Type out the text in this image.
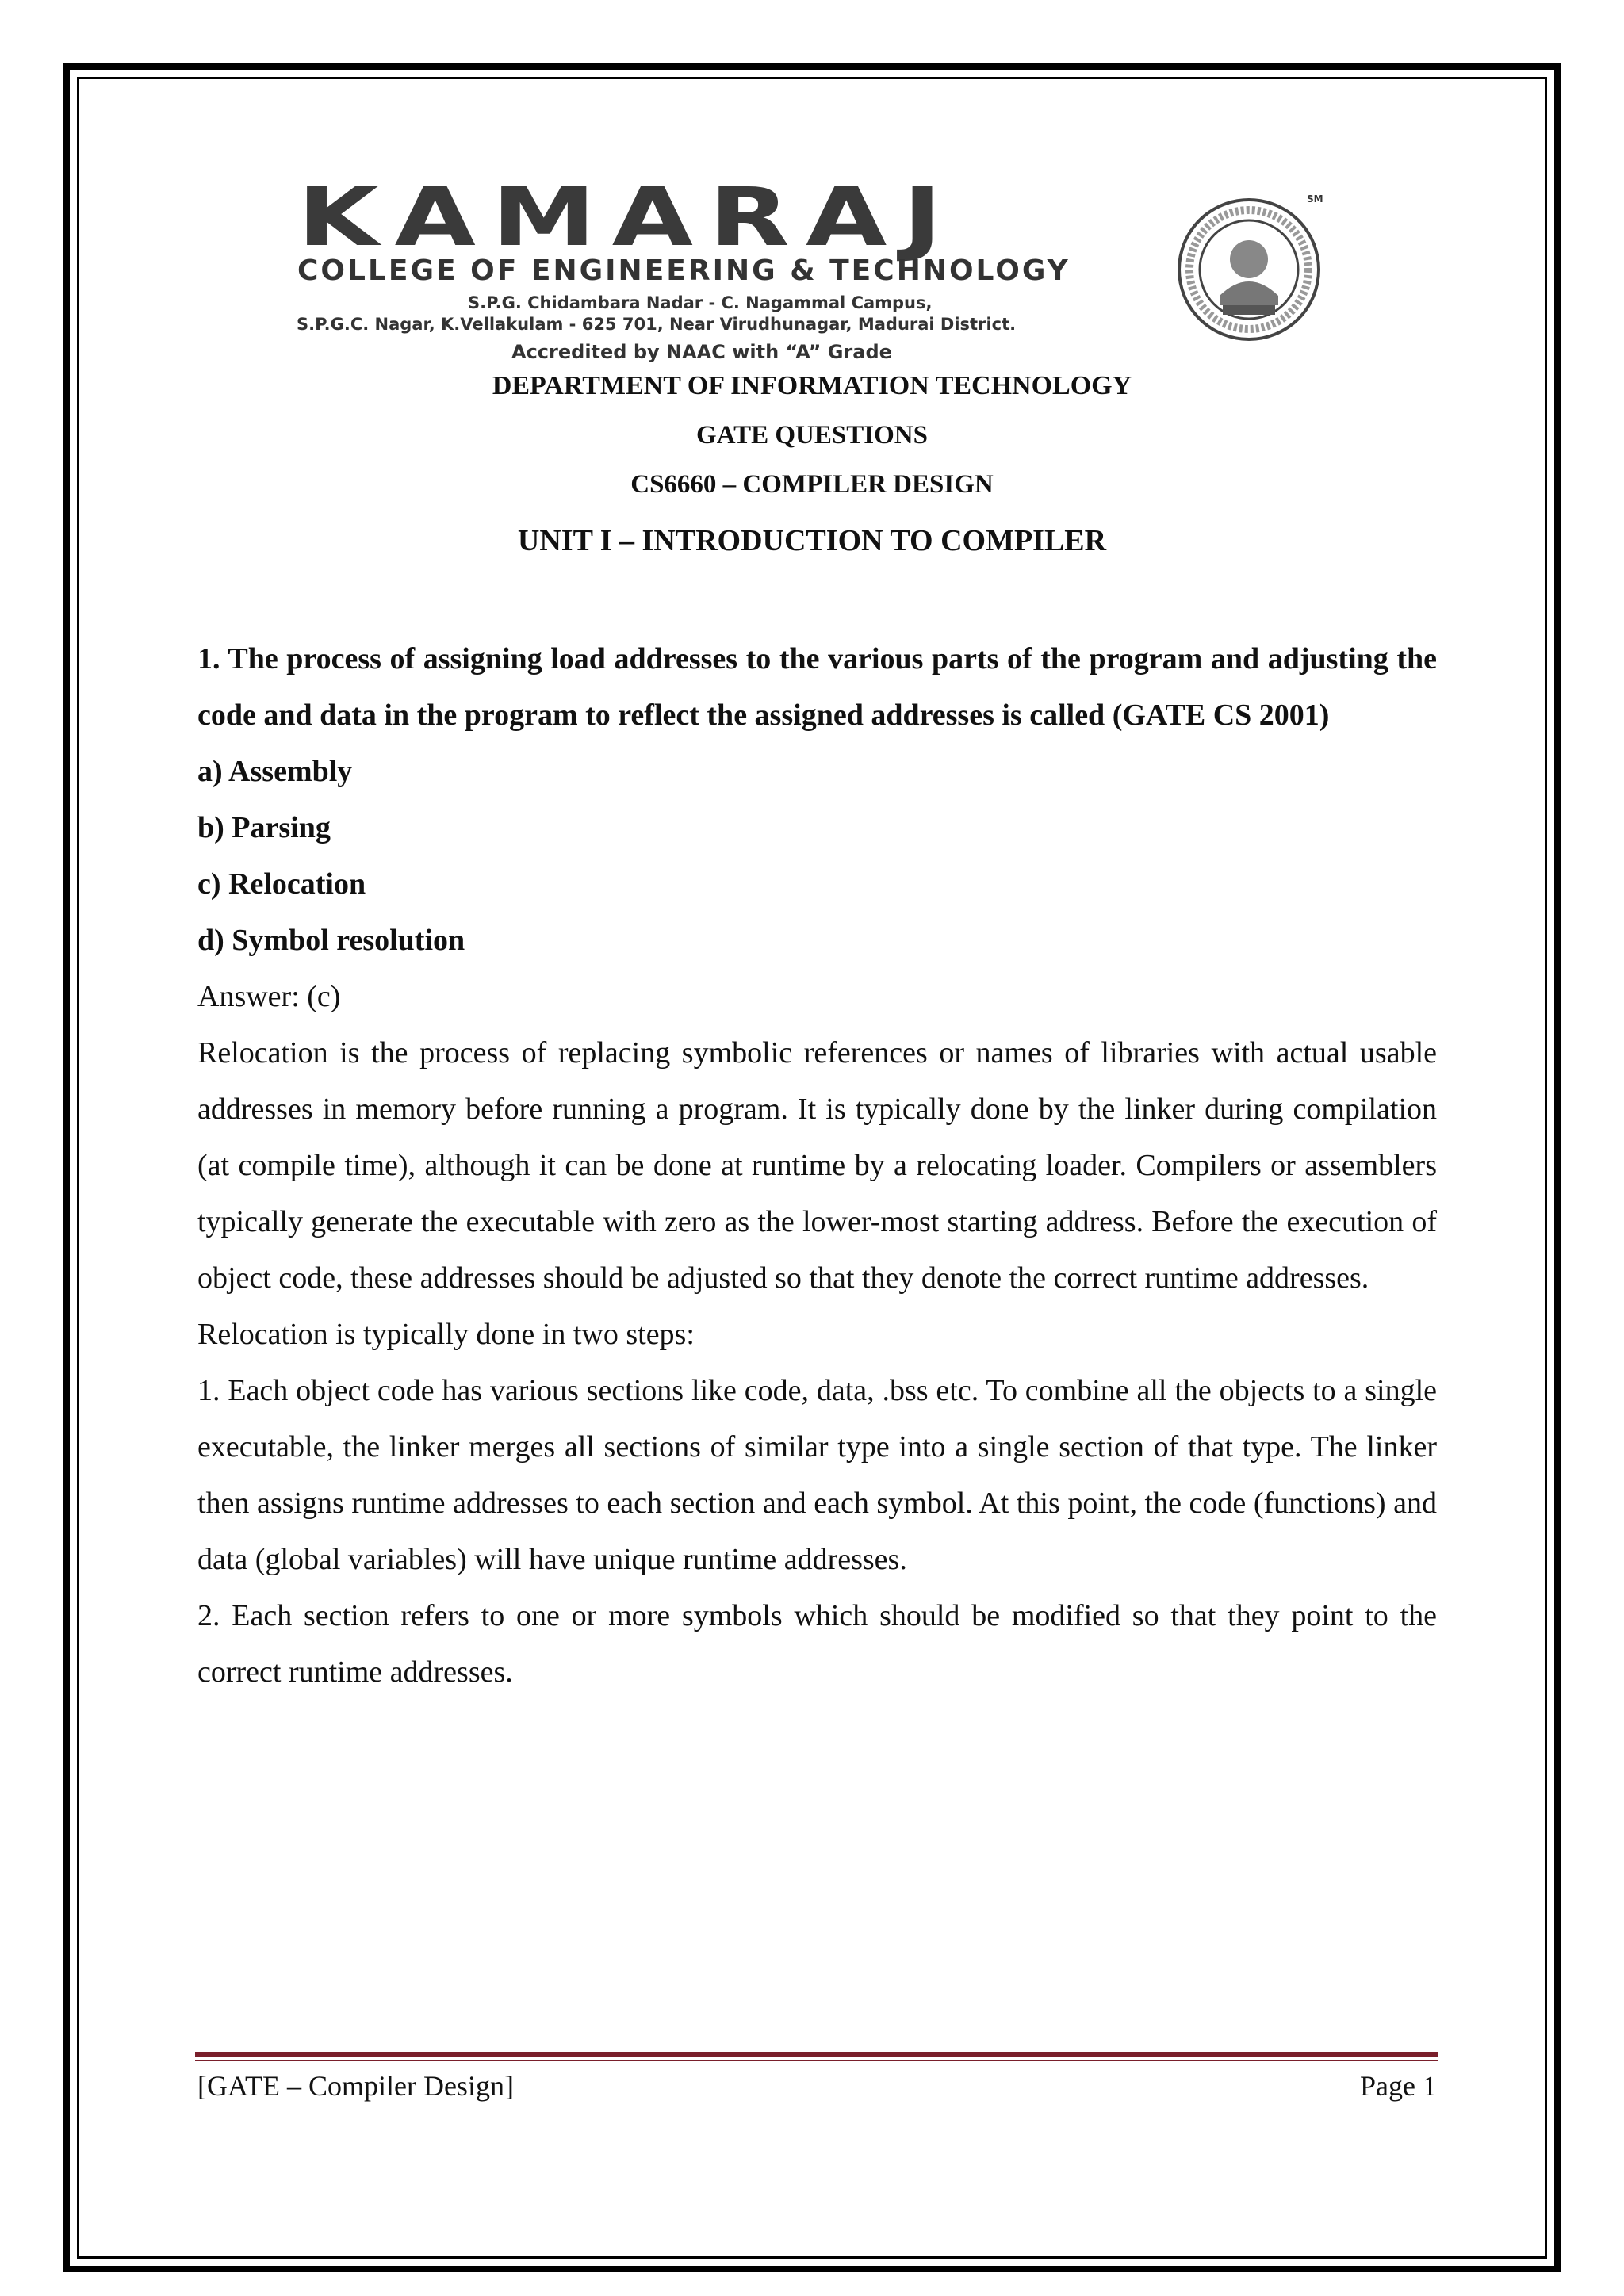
KAMARAJ
COLLEGE OF ENGINEERING & TECHNOLOGY
S.P.G. Chidambara Nadar - C. Nagammal Campus,
S.P.G.C. Nagar, K.Vellakulam - 625 701, Near Virudhunagar, Madurai District.
Accredited by NAAC with “A” Grade
SM
DEPARTMENT OF INFORMATION TECHNOLOGY
GATE QUESTIONS
CS6660 – COMPILER DESIGN
UNIT I – INTRODUCTION TO COMPILER

1. The process of assigning load addresses to the various parts of the program and adjusting the code and data in the program to reflect the assigned addresses is called (GATE CS 2001)

a) Assembly

b) Parsing

c) Relocation

d) Symbol resolution

Answer: (c)

Relocation is the process of replacing symbolic references or names of libraries with actual usable addresses in memory before running a program. It is typically done by the linker during compilation (at compile time), although it can be done at runtime by a relocating loader. Compilers or assemblers typically generate the executable with zero as the lower-most starting address. Before the execution of object code, these addresses should be adjusted so that they denote the correct runtime addresses.

Relocation is typically done in two steps:

1. Each object code has various sections like code, data, .bss etc. To combine all the objects to a single executable, the linker merges all sections of similar type into a single section of that type. The linker then assigns runtime addresses to each section and each symbol. At this point, the code (functions) and data (global variables) will have unique runtime addresses.

2. Each section refers to one or more symbols which should be modified so that they point to the correct runtime addresses.

[GATE – Compiler Design]	Page 1
